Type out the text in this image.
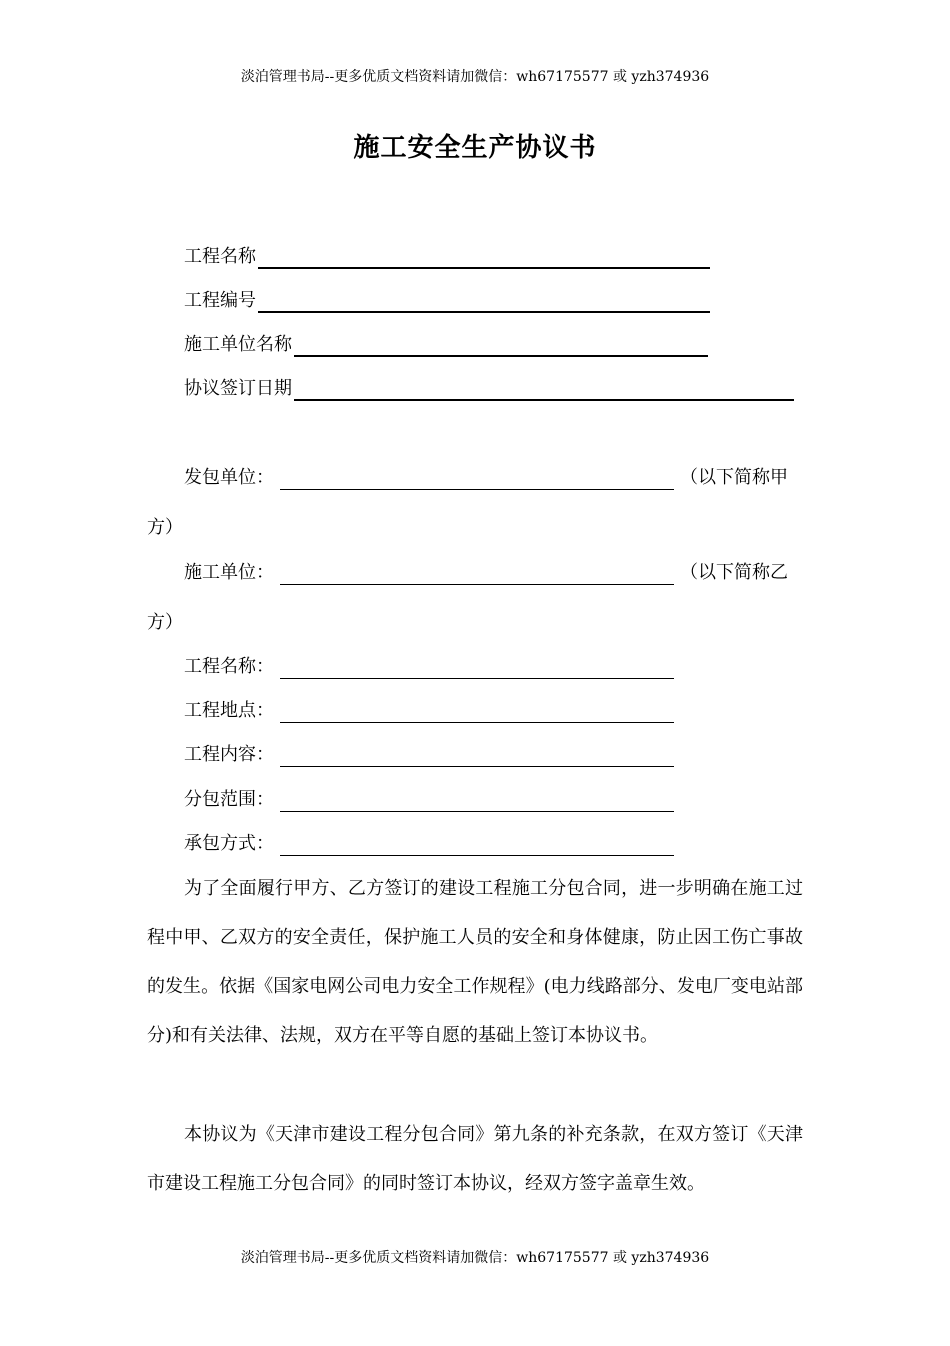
淡泊管理书局--更多优质文档资料请加微信：wh67175577 或 yzh374936
施工安全生产协议书
工程名称
工程编号
施工单位名称
协议签订日期
发包单位：	（以下简称甲
方）
施工单位：	（以下简称乙
方）
工程名称：
工程地点：
工程内容：
分包范围：
承包方式：

为了全面履行甲方、乙方签订的建设工程施工分包合同，进一步明确在施工过程中甲、乙双方的安全责任，保护施工人员的安全和身体健康，防止因工伤亡事故的发生。依据《国家电网公司电力安全工作规程》(电力线路部分、发电厂变电站部分)和有关法律、法规，双方在平等自愿的基础上签订本协议书。

本协议为《天津市建设工程分包合同》第九条的补充条款，在双方签订《天津市建设工程施工分包合同》的同时签订本协议，经双方签字盖章生效。

淡泊管理书局--更多优质文档资料请加微信：wh67175577 或 yzh374936
